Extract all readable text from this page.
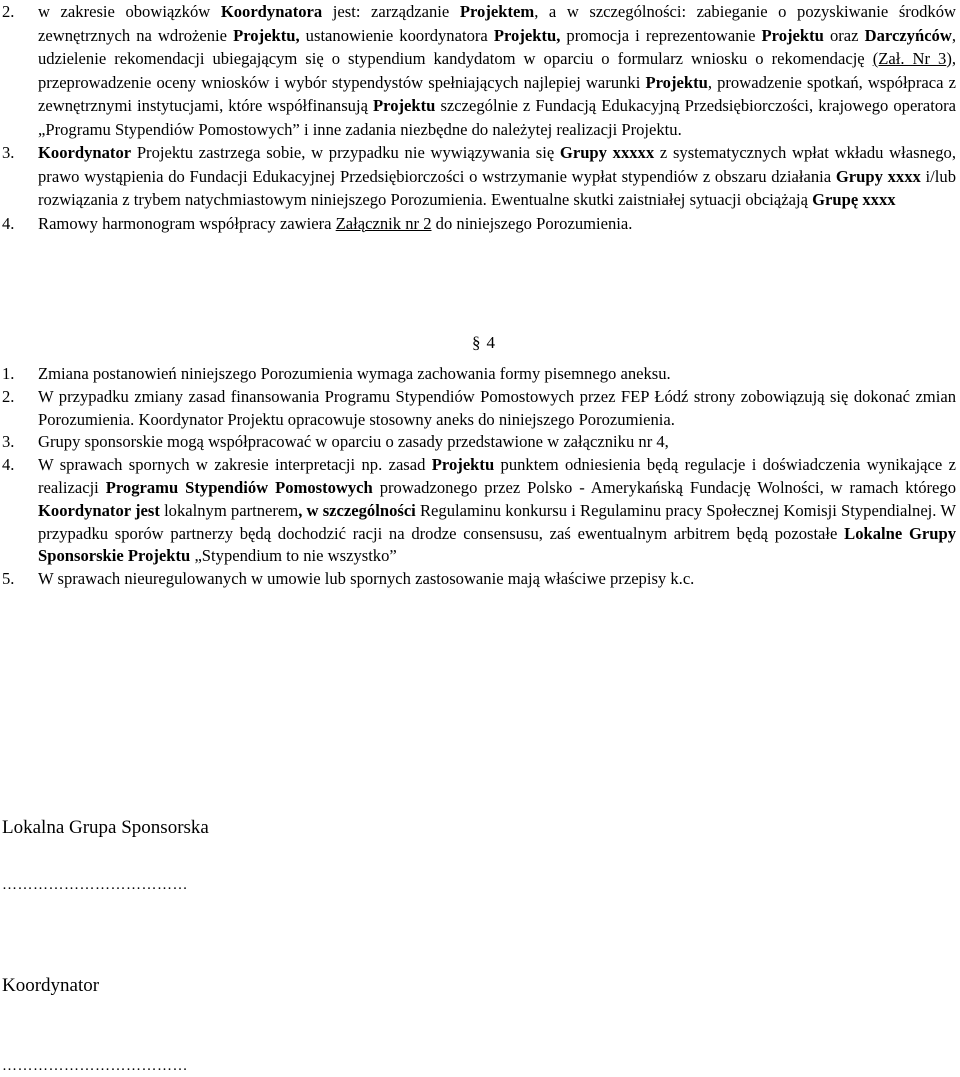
2. w zakresie obowiązków Koordynatora jest: zarządzanie Projektem, a w szczególności: zabieganie o pozyskiwanie środków zewnętrznych na wdrożenie Projektu, ustanowienie koordynatora Projektu, promocja i reprezentowanie Projektu oraz Darczyńców, udzielenie rekomendacji ubiegającym się o stypendium kandydatom w oparciu o formularz wniosku o rekomendację (Zał. Nr 3), przeprowadzenie oceny wniosków i wybór stypendystów spełniających najlepiej warunki Projektu, prowadzenie spotkań, współpraca z zewnętrznymi instytucjami, które współfinansują Projektu szczególnie z Fundacją Edukacyjną Przedsiębiorczości, krajowego operatora „Programu Stypendiów Pomostowych” i inne zadania niezbędne do należytej realizacji Projektu.
3. Koordynator Projektu zastrzega sobie, w przypadku nie wywiązywania się Grupy xxxxx z systematycznych wpłat wkładu własnego, prawo wystąpienia do Fundacji Edukacyjnej Przedsiębiorczości o wstrzymanie wypłat stypendiów z obszaru działania Grupy xxxx i/lub rozwiązania z trybem natychmiastowym niniejszego Porozumienia. Ewentualne skutki zaistniałej sytuacji obciążają Grupę xxxx
4. Ramowy harmonogram współpracy zawiera Załącznik nr 2 do niniejszego Porozumienia.
§ 4
1. Zmiana postanowień niniejszego Porozumienia wymaga zachowania formy pisemnego aneksu.
2. W przypadku zmiany zasad finansowania Programu Stypendiów Pomostowych przez FEP Łódź strony zobowiązują się dokonać zmian Porozumienia. Koordynator Projektu opracowuje stosowny aneks do niniejszego Porozumienia.
3. Grupy sponsorskie mogą współpracować w oparciu o zasady przedstawione w załączniku nr 4,
4. W sprawach spornych w zakresie interpretacji np. zasad Projektu punktem odniesienia będą regulacje i doświadczenia wynikające z realizacji Programu Stypendiów Pomostowych prowadzonego przez Polsko - Amerykańską Fundację Wolności, w ramach którego Koordynator jest lokalnym partnerem, w szczególności Regulaminu konkursu i Regulaminu pracy Społecznej Komisji Stypendialnej. W przypadku sporów partnerzy będą dochodzić racji na drodze consensusu, zaś ewentualnym arbitrem będą pozostałe Lokalne Grupy Sponsorskie Projektu „Stypendium to nie wszystko”
5. W sprawach nieuregulowanych w umowie lub spornych zastosowanie mają właściwe przepisy k.c.
Lokalna Grupa Sponsorska
………………………………
Koordynator
………………………………
